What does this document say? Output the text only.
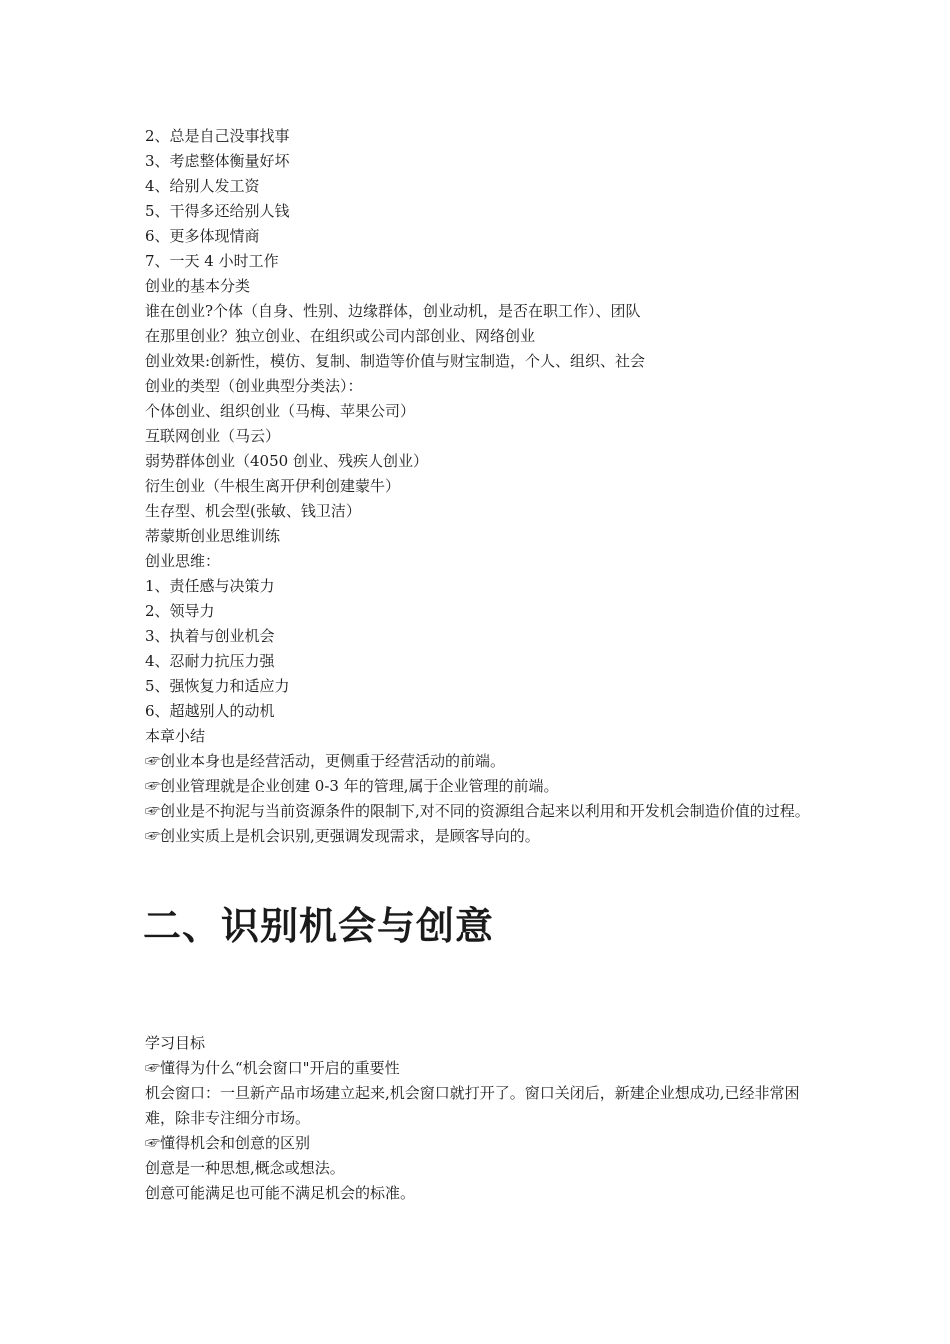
2、总是自己没事找事

3、考虑整体衡量好坏

4、给别人发工资

5、干得多还给别人钱

6、更多体现情商

7、一天 4 小时工作

创业的基本分类

谁在创业?个体（自身、性别、边缘群体，创业动机，是否在职工作）、团队

在那里创业？独立创业、在组织或公司内部创业、网络创业

创业效果:创新性，模仿、复制、制造等价值与财宝制造，个人、组织、社会

创业的类型（创业典型分类法）：

个体创业、组织创业（马梅、苹果公司）

互联网创业（马云）

弱势群体创业（4050 创业、残疾人创业）

衍生创业（牛根生离开伊利创建蒙牛）

生存型、机会型(张敏、钱卫洁）

蒂蒙斯创业思维训练

创业思维：

1、责任感与决策力

2、领导力

3、执着与创业机会

4、忍耐力抗压力强

5、强恢复力和适应力

6、超越别人的动机

本章小结

☞创业本身也是经营活动，更侧重于经营活动的前端。

☞创业管理就是企业创建 0-3 年的管理,属于企业管理的前端。

☞创业是不拘泥与当前资源条件的限制下,对不同的资源组合起来以利用和开发机会制造价值的过程。

☞创业实质上是机会识别,更强调发现需求，是顾客导向的。

二、识别机会与创意

学习目标

☞懂得为什么“机会窗口"开启的重要性

机会窗口：一旦新产品市场建立起来,机会窗口就打开了。窗口关闭后，新建企业想成功,已经非常困难，除非专注细分市场。

☞懂得机会和创意的区别

创意是一种思想,概念或想法。

创意可能满足也可能不满足机会的标准。
